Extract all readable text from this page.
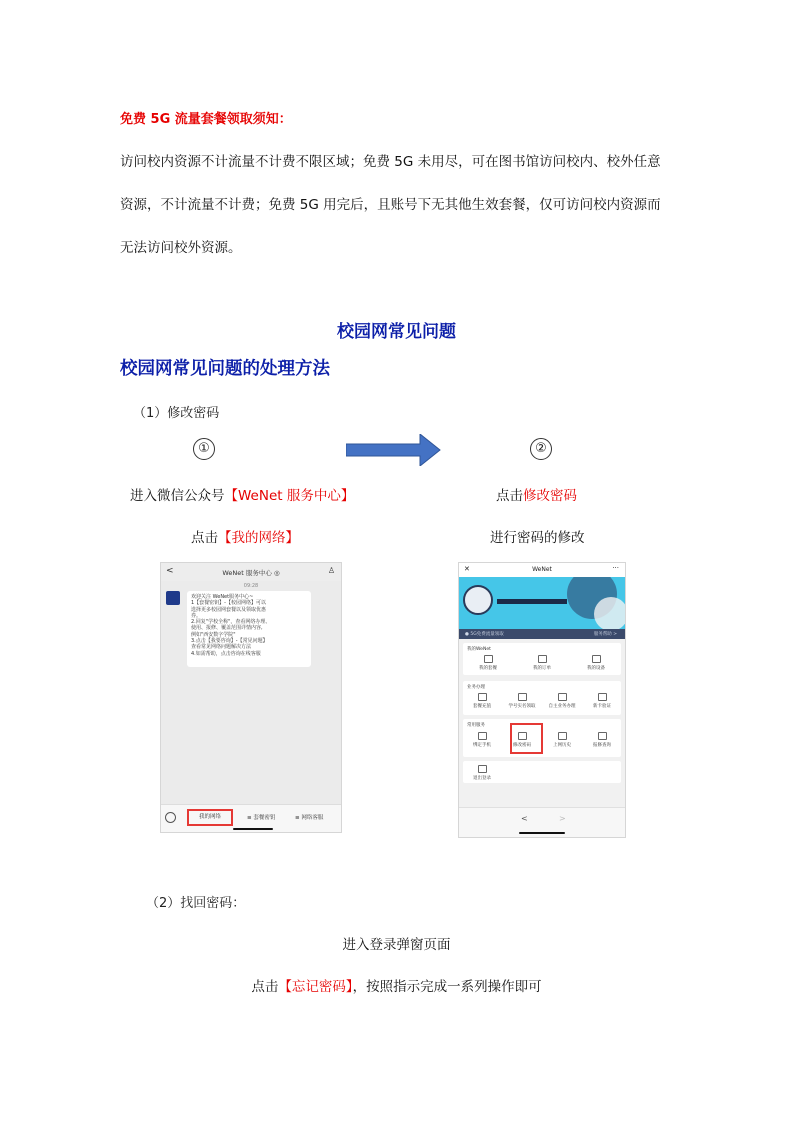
免费 5G 流量套餐领取须知：
访问校内资源不计流量不计费不限区域；免费 5G 未用尽，可在图书馆访问校内、校外任意
资源，不计流量不计费；免费 5G 用完后，且账号下无其他生效套餐，仅可访问校内资源而
无法访问校外资源。
校园网常见问题
校园网常见问题的处理方法
（1）修改密码
①	②
进入微信公众号【WeNet 服务中心】
点击【我的网络】
点击修改密码
进行密码的修改
<	WeNet 服务中心 ◎	♙
09:28
欢迎关注 WeNet服务中心~
1【套餐密钥】-【校园网络】可以
选择更多校园网套餐以及领取优惠
券。
2.回复"学校全称"，查看网络办理、
使用、报修、覆盖范围详情内容,
例如"西安数字学院"
3.点击【我要咨询】-【常见问题】
查看常见网络问题解决方法
4.如需帮助，点击咨询在线客服
我的网络	≡ 套餐密钥	≡ 网络客服
✕	WeNet	···
● 5G免费流量领取	服务帮助 >
我的WeNet
我的套餐	我的订单	我的设备
业务办理
套餐充值	学号实名领取	自主业务办理	新卡验证
常用服务
绑定手机	修改密码	上网历史	报修查询
退出登录
<	>
（2）找回密码：
进入登录弹窗页面
点击【忘记密码】，按照指示完成一系列操作即可
